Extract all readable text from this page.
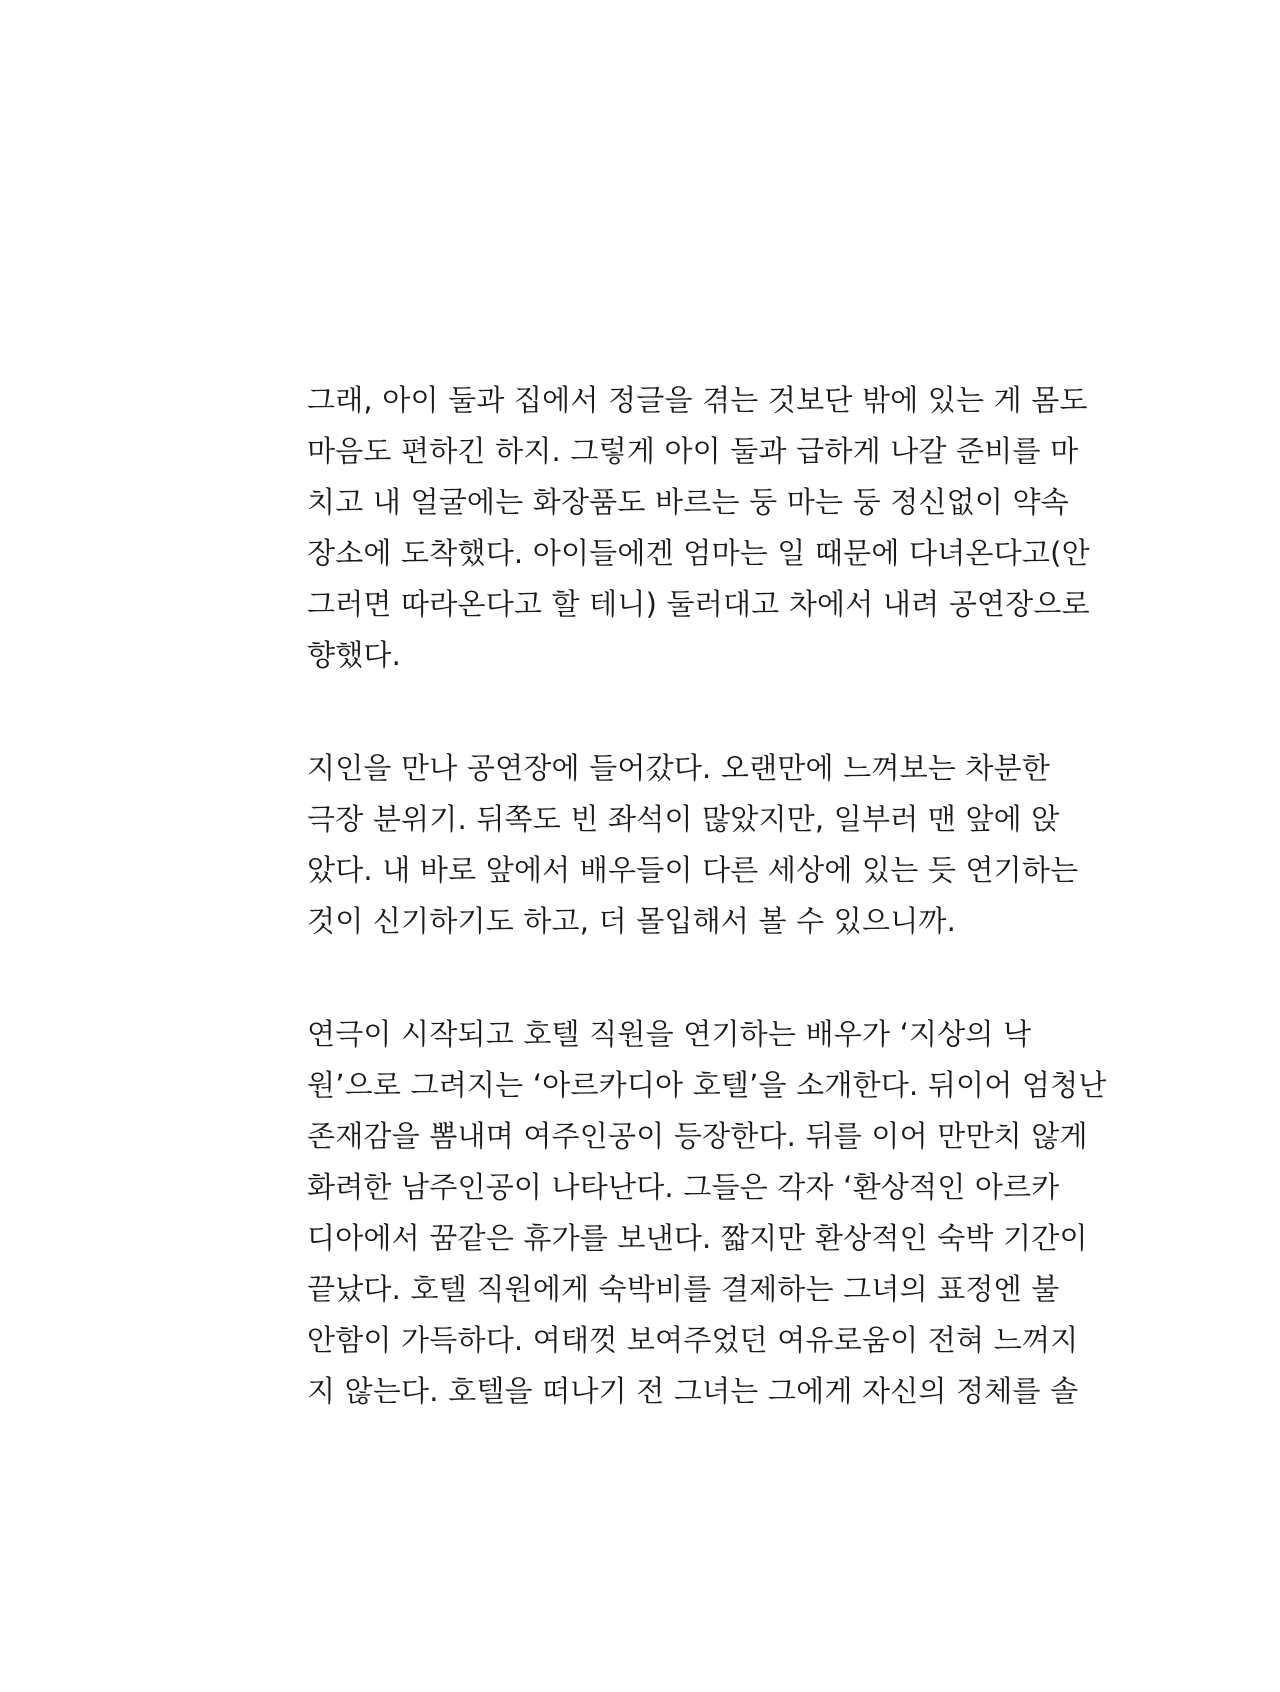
그래, 아이 둘과 집에서 정글을 겪는 것보단 밖에 있는 게 몸도
마음도 편하긴 하지. 그렇게 아이 둘과 급하게 나갈 준비를 마
치고 내 얼굴에는 화장품도 바르는 둥 마는 둥 정신없이 약속
장소에 도착했다. 아이들에겐 엄마는 일 때문에 다녀온다고(안
그러면 따라온다고 할 테니) 둘러대고 차에서 내려 공연장으로
향했다.
지인을 만나 공연장에 들어갔다. 오랜만에 느껴보는 차분한
극장 분위기. 뒤쪽도 빈 좌석이 많았지만, 일부러 맨 앞에 앉
았다. 내 바로 앞에서 배우들이 다른 세상에 있는 듯 연기하는
것이 신기하기도 하고, 더 몰입해서 볼 수 있으니까.
연극이 시작되고 호텔 직원을 연기하는 배우가 ‘지상의 낙
원’으로 그려지는 ‘아르카디아 호텔’을 소개한다. 뒤이어 엄청난
존재감을 뽐내며 여주인공이 등장한다. 뒤를 이어 만만치 않게
화려한 남주인공이 나타난다. 그들은 각자 ‘환상적인 아르카
디아에서 꿈같은 휴가를 보낸다. 짧지만 환상적인 숙박 기간이
끝났다. 호텔 직원에게 숙박비를 결제하는 그녀의 표정엔 불
안함이 가득하다. 여태껏 보여주었던 여유로움이 전혀 느껴지
지 않는다. 호텔을 떠나기 전 그녀는 그에게 자신의 정체를 솔
